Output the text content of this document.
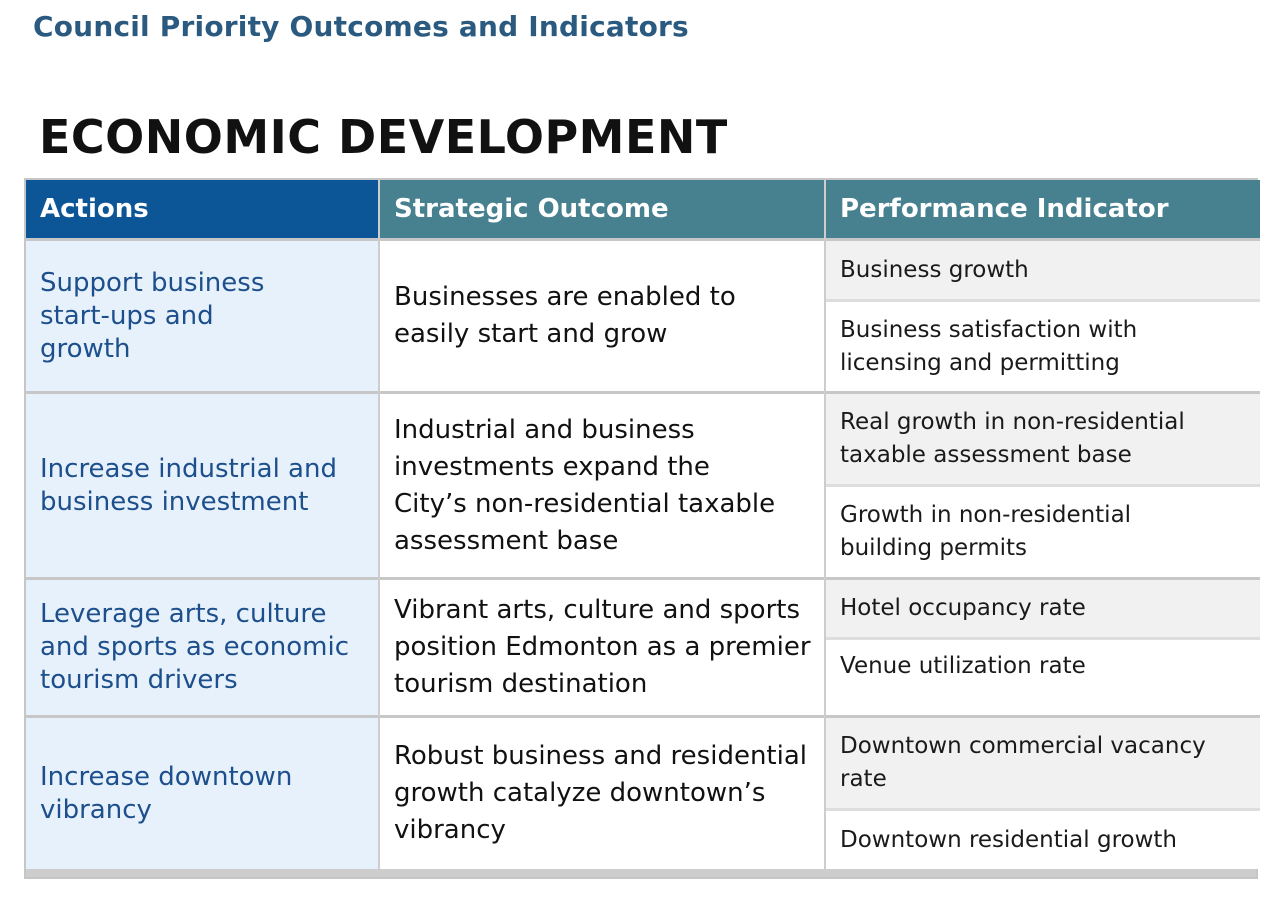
Council Priority Outcomes and Indicators
ECONOMIC DEVELOPMENT
Actions	Strategic Outcome	Performance Indicator
Support business start-ups and growth
Businesses are enabled to easily start and grow
Business growth
Business satisfaction with licensing and permitting
Increase industrial and business investment
Industrial and business investments expand the City’s non-residential taxable assessment base
Real growth in non-residential taxable assessment base
Growth in non-residential building permits
Leverage arts, culture and sports as economic tourism drivers
Vibrant arts, culture and sports position Edmonton as a premier tourism destination
Hotel occupancy rate
Venue utilization rate
Increase downtown vibrancy
Robust business and residential growth catalyze downtown’s vibrancy
Downtown commercial vacancy rate
Downtown residential growth
